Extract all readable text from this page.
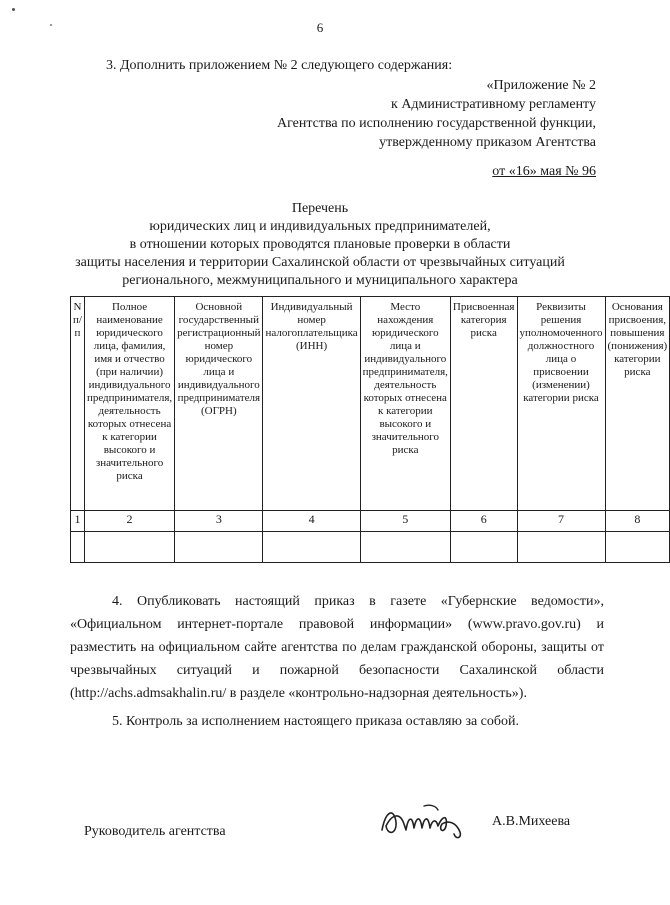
6
3. Дополнить приложением № 2 следующего содержания:
«Приложение № 2
к Административному регламенту
Агентства по исполнению государственной функции,
утвержденному приказом Агентства
от «16» мая № 96
Перечень
юридических лиц и индивидуальных предпринимателей,
в отношении которых проводятся плановые проверки в области
защиты населения и территории Сахалинской области от чрезвычайных ситуаций
регионального, межмуниципального и муниципального характера
N п/п	Полное наименование юридического лица, фамилия, имя и отчество (при наличии) индивидуального предпринимателя, деятельность которых отнесена к категории высокого и значительного риска	Основной государственный регистрационный номер юридического лица и индивидуального предпринимателя (ОГРН)	Индивидуальный номер налогоплательщика (ИНН)	Место нахождения юридического лица и индивидуального предпринимателя, деятельность которых отнесена к категории высокого и значительного риска	Присвоенная категория риска	Реквизиты решения уполномоченного должностного лица о присвоении (изменении) категории риска	Основания присвоения, повышения (понижения) категории риска
1	2	3	4	5	6	7	8

4. Опубликовать настоящий приказ в газете «Губернские ведомости», «Официальном интернет-портале правовой информации» (www.pravo.gov.ru) и разместить на официальном сайте агентства по делам гражданской обороны, защиты от чрезвычайных ситуаций и пожарной безопасности Сахалинской области (http://achs.admsakhalin.ru/ в разделе «контрольно-надзорная деятельность»).
5. Контроль за исполнением настоящего приказа оставляю за собой.
Руководитель агентства
А.В.Михеева
